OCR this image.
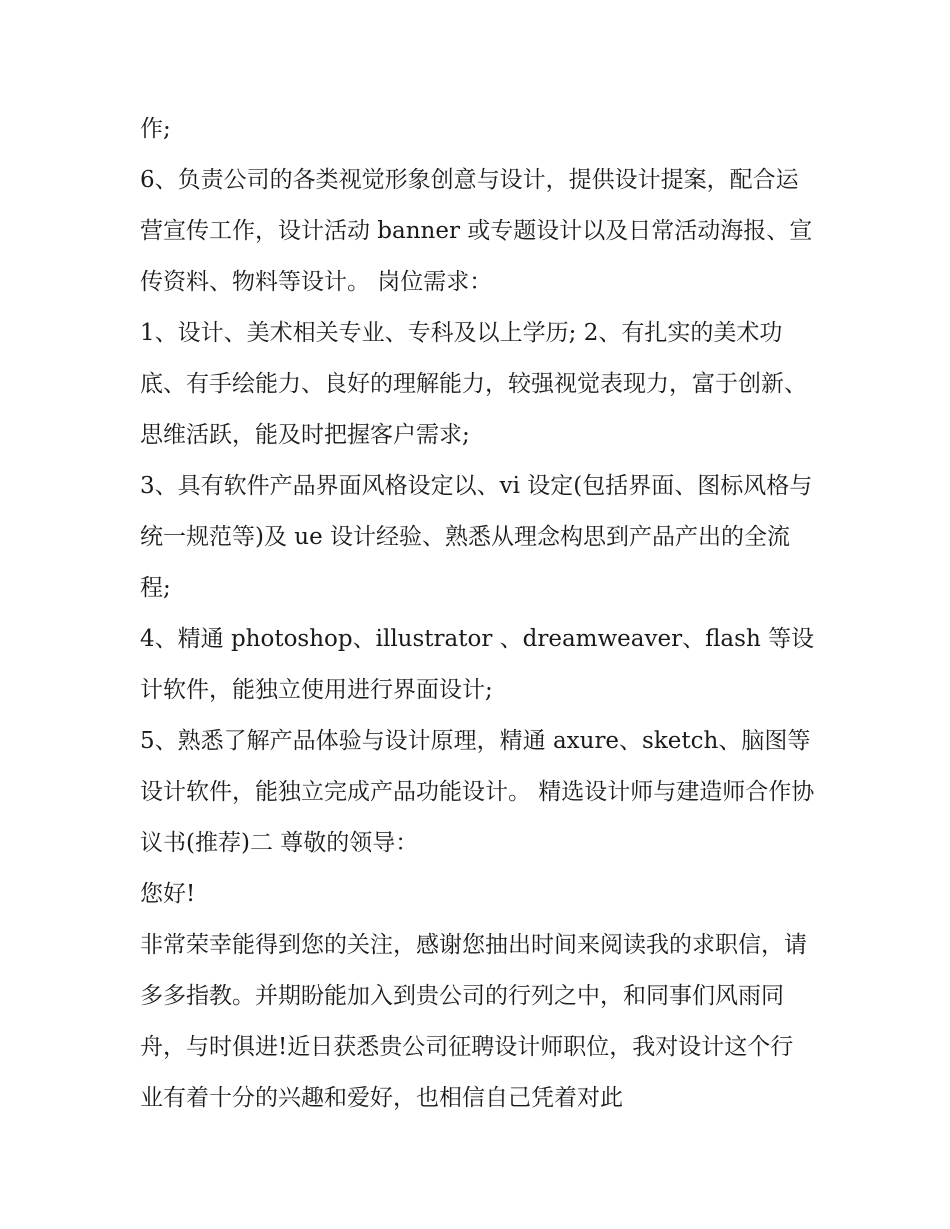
作;

6、负责公司的各类视觉形象创意与设计，提供设计提案，配合运营宣传工作，设计活动 banner 或专题设计以及日常活动海报、宣传资料、物料等设计。 岗位需求：

1、设计、美术相关专业、专科及以上学历; 2、有扎实的美术功底、有手绘能力、良好的理解能力，较强视觉表现力，富于创新、思维活跃，能及时把握客户需求;

3、具有软件产品界面风格设定以、vi 设定(包括界面、图标风格与统一规范等)及 ue 设计经验、熟悉从理念构思到产品产出的全流程;

4、精通 photoshop、illustrator 、dreamweaver、flash 等设计软件，能独立使用进行界面设计;

5、熟悉了解产品体验与设计原理，精通 axure、sketch、脑图等设计软件，能独立完成产品功能设计。 精选设计师与建造师合作协议书(推荐)二 尊敬的领导：

您好!

非常荣幸能得到您的关注，感谢您抽出时间来阅读我的求职信，请多多指教。并期盼能加入到贵公司的行列之中，和同事们风雨同舟，与时俱进!近日获悉贵公司征聘设计师职位，我对设计这个行业有着十分的兴趣和爱好，也相信自己凭着对此
